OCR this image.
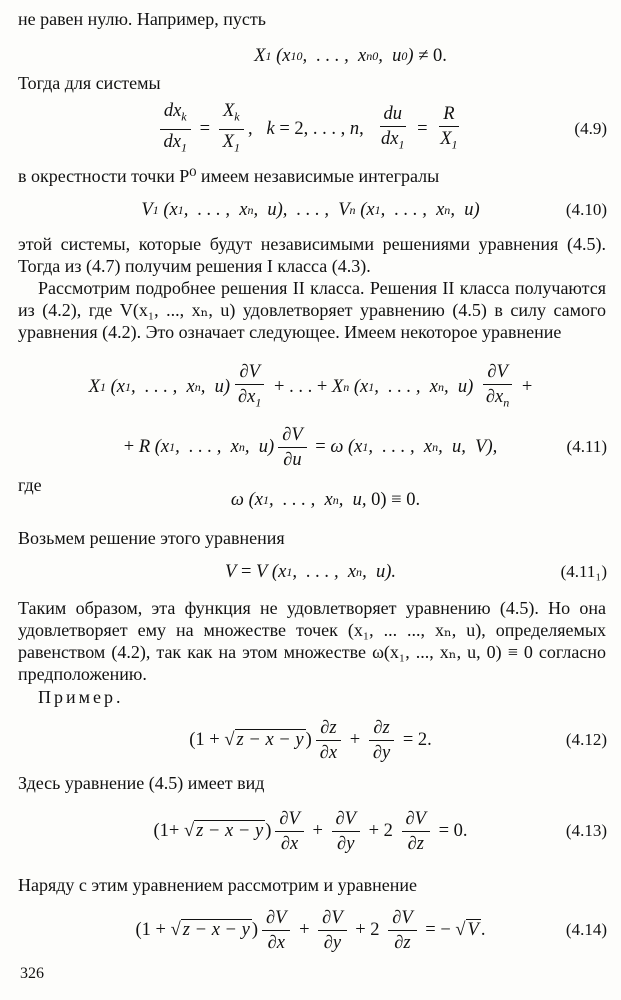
не равен нулю. Например, пусть

X 1 (x 1 0 ,  . . . ,  x n 0 ,  u 0 ) ≠ 0.

Тогда для системы

$\frac{dx_k}{dx_1} = \frac{X_k}{X_1}$ , k = 2, . . . , n , $\frac{du}{dx_1} = \frac{R}{X_1}$	(4.9)

в окрестности точки P⁰ имеем независимые интегралы

V 1 (x 1 ,  . . . ,  x n ,  u),  . . . ,  V n (x 1 ,  . . . ,  x n ,  u)	(4.10)

этой системы, которые будут независимыми решениями уравнения (4.5). Тогда из (4.7) получим решения I класса (4.3).

Рассмотрим подробнее решения II класса. Решения II класса получаются из (4.2), где V(x₁, ..., xₙ, u) удовлетворяет уравнению (4.5) в силу самого уравнения (4.2). Это означает следующее. Имеем некоторое уравнение

X 1 (x 1 ,  . . . ,  x n ,  $u) \frac{\partial V}{\partial x_1}$ + . . . + X n (x 1 ,  . . . ,  x n ,  $u) \frac{\partial V}{\partial x_n}$ +
+ R (x 1 ,  . . . ,  x n ,  $u) \frac{\partial V}{\partial u} = \omega$ (x 1 ,  . . . ,  x n ,  u,  V),	(4.11)

где

ω (x 1 ,  . . . ,  x n ,  u, 0) ≡ 0.

Возьмем решение этого уравнения

V = V (x 1 ,  . . . ,  x n ,  u).	(4.11₁)

Таким образом, эта функция не удовлетворяет уравнению (4.5). Но она удовлетворяет ему на множестве точек (x₁, ... ..., xₙ, u), определяемых равенством (4.2), так как на этом множестве ω(x₁, ..., xₙ, u, 0) ≡ 0 согласно предположению.

Пример.

(1 + √ z − x − y ) $\frac{\partial z}{\partial x} + \frac{\partial z}{\partial y} = 2$.	(4.12)

Здесь уравнение (4.5) имеет вид

(1+ √ z − x − y ) $\frac{\partial V}{\partial x} + \frac{\partial V}{\partial y} + 2 \frac{\partial V}{\partial z} = 0$.	(4.13)

Наряду с этим уравнением рассмотрим и уравнение

(1 + √ z − x − y ) $\frac{\partial V}{\partial x} + \frac{\partial V}{\partial y} + 2 \frac{\partial V}{\partial z}$ = − √ V .	(4.14)
326
